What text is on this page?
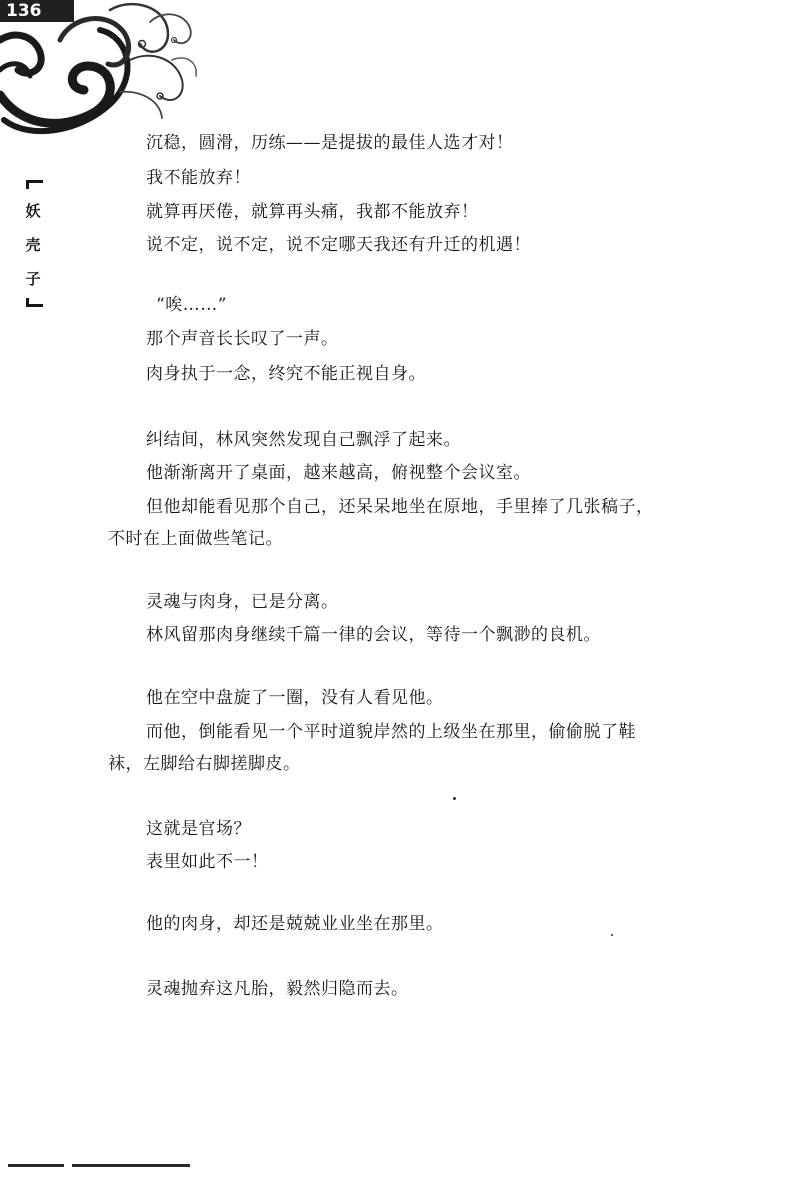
136
妖
壳
子
沉稳，圆滑，历练——是提拔的最佳人选才对！
我不能放弃！
就算再厌倦，就算再头痛，我都不能放弃！
说不定，说不定，说不定哪天我还有升迁的机遇！
“唉……”
那个声音长长叹了一声。
肉身执于一念，终究不能正视自身。
纠结间，林风突然发现自己飘浮了起来。
他渐渐离开了桌面，越来越高，俯视整个会议室。
但他却能看见那个自己，还呆呆地坐在原地，手里捧了几张稿子，
不时在上面做些笔记。
灵魂与肉身，已是分离。
林风留那肉身继续千篇一律的会议，等待一个飘渺的良机。
他在空中盘旋了一圈，没有人看见他。
而他，倒能看见一个平时道貌岸然的上级坐在那里，偷偷脱了鞋
袜，左脚给右脚搓脚皮。
这就是官场？
表里如此不一！
他的肉身，却还是兢兢业业坐在那里。
灵魂抛弃这凡胎，毅然归隐而去。
